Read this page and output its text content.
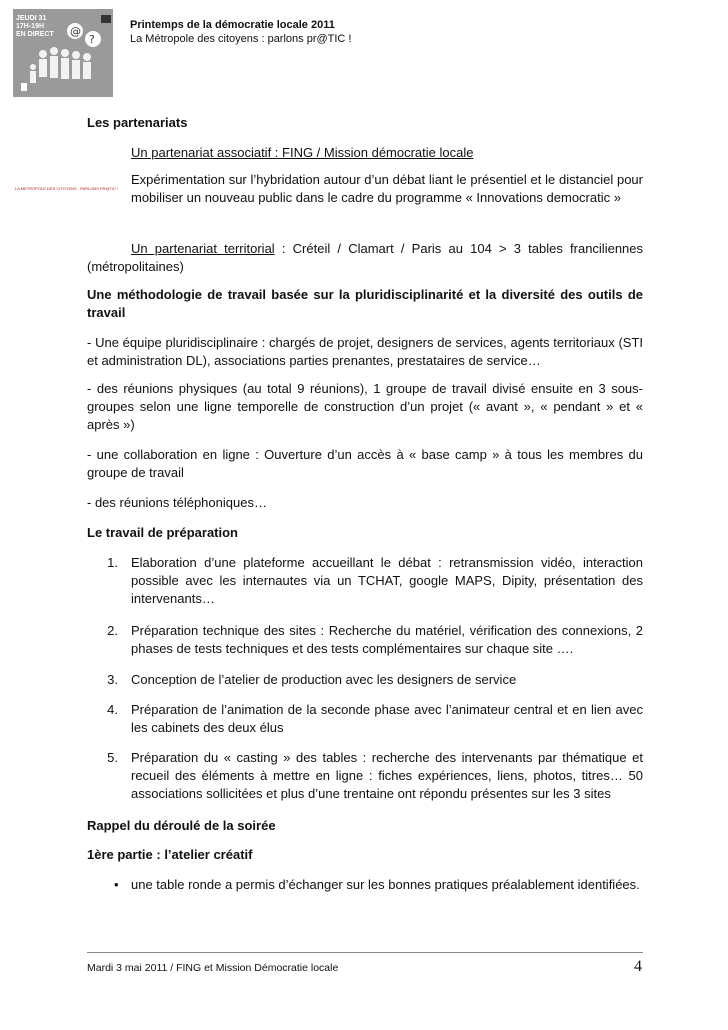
@
?
JEUDI 31
17H-19H
EN DIRECT
LA MÉTROPOLE DES CITOYENS : PARLONS PR@TIC !
Printemps de la démocratie locale 2011
La Métropole des citoyens : parlons pr@TIC !
Les partenariats
Un partenariat associatif : FING / Mission démocratie locale
Expérimentation sur l’hybridation autour d’un débat liant le présentiel et le distanciel pour mobiliser un nouveau public dans le cadre du programme « Innovations democratic »
Un partenariat territorial : Créteil / Clamart / Paris au 104 > 3 tables franciliennes (métropolitaines)
Une méthodologie de travail basée sur la pluridisciplinarité et la diversité des outils de travail
- Une équipe pluridisciplinaire : chargés de projet, designers de services, agents territoriaux (STI et administration DL), associations parties prenantes, prestataires de service…
- des réunions physiques (au total 9 réunions), 1 groupe de travail divisé ensuite en 3 sous-groupes selon une ligne temporelle de construction d’un projet (« avant », « pendant » et « après »)
- une collaboration en ligne : Ouverture d’un accès à « base camp » à tous les membres du groupe de travail
- des réunions téléphoniques…
Le travail de préparation
1. Elaboration d’une plateforme accueillant le débat : retransmission vidéo, interaction possible avec les internautes via un TCHAT, google MAPS, Dipity, présentation des intervenants…
2. Préparation technique des sites : Recherche du matériel, vérification des connexions, 2 phases de tests techniques et des tests complémentaires sur chaque site ….
3. Conception de l’atelier de production avec les designers de service
4. Préparation de l’animation de la seconde phase avec l’animateur central et en lien avec les cabinets des deux élus
5. Préparation du « casting » des tables : recherche des intervenants par thématique et recueil des éléments à mettre en ligne : fiches expériences, liens, photos, titres… 50 associations sollicitées et plus d’une trentaine ont répondu présentes sur les 3 sites
Rappel du déroulé de la soirée
1ère partie : l’atelier créatif
• une table ronde a permis d’échanger sur les bonnes pratiques préalablement identifiées.
Mardi 3 mai 2011 / FING et Mission Démocratie locale	4
